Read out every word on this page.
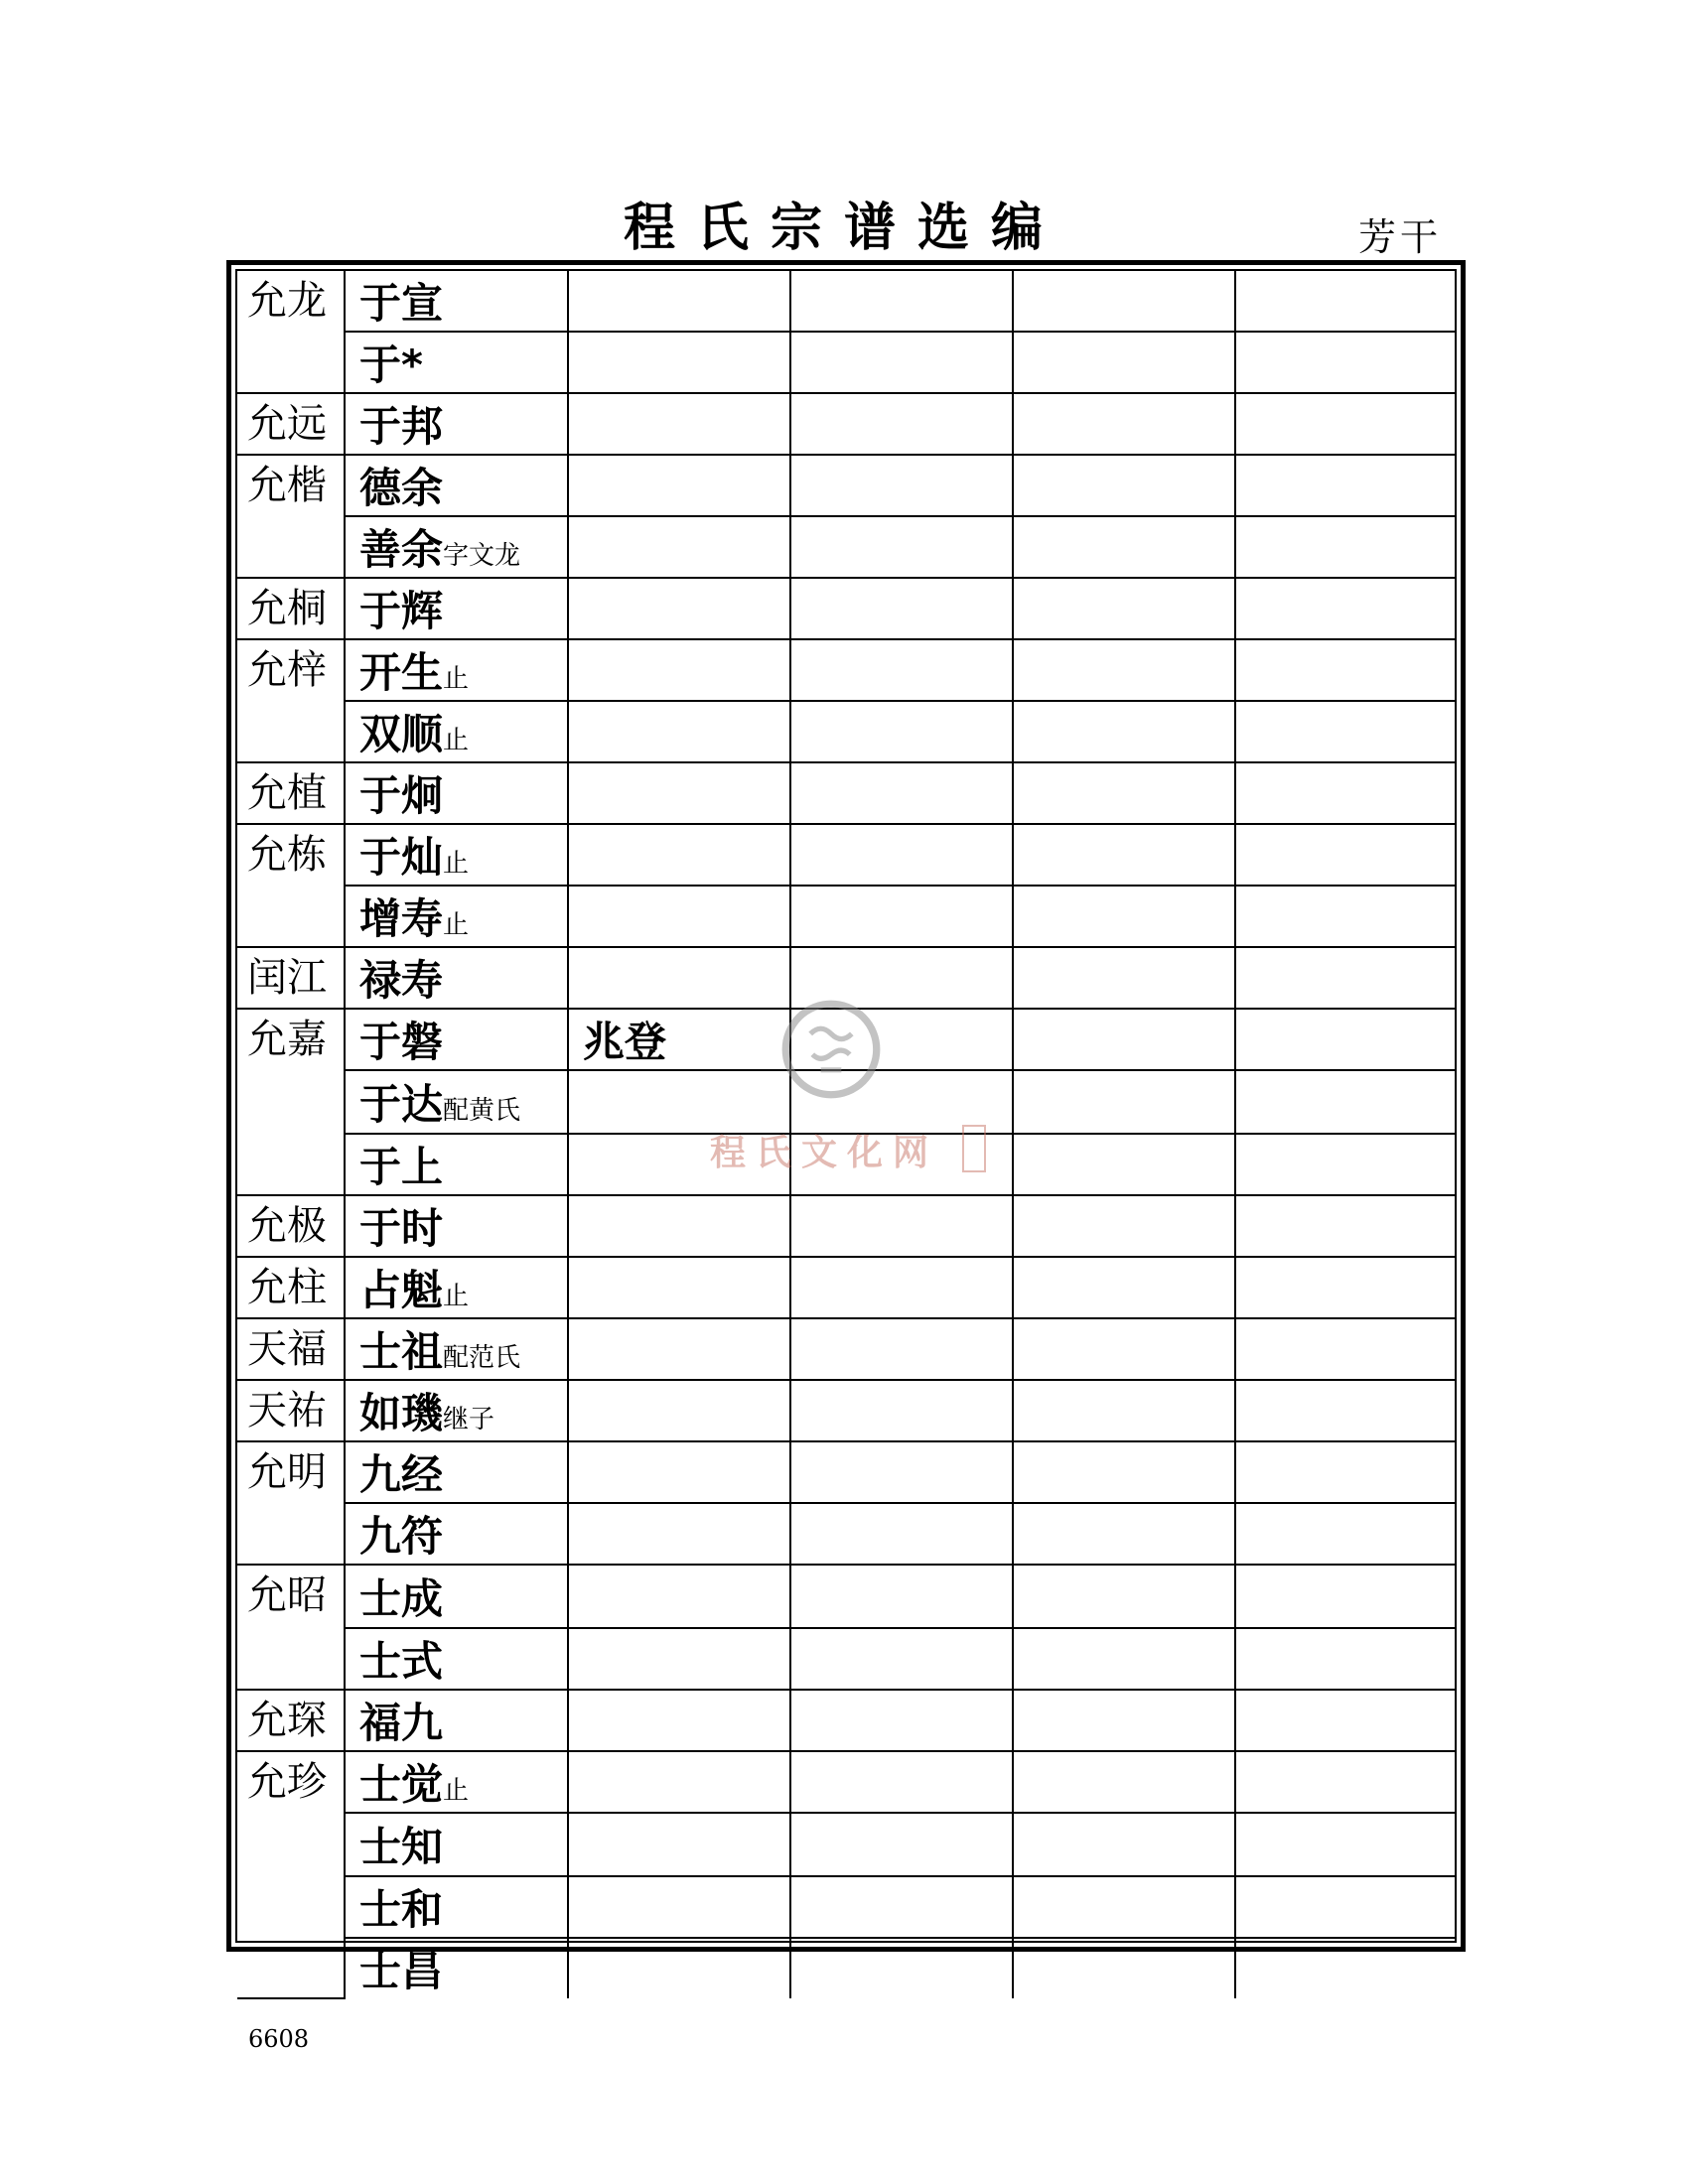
程氏宗谱选编	芳干
允龙	于宣				
	于*				
允远	于邦				
允楷	德余				
	善余字文龙				
允桐	于辉				
允梓	开生止				
	双顺止				
允植	于炯				
允栋	于灿止				
	增寿止				
闰江	禄寿				
允嘉	于磐	兆登			
	于达配黄氏				
	于上				
允极	于时				
允柱	占魁止				
天福	士祖配范氏				
天祐	如璣继子				
允明	九经				
	九符				
允昭	士成				
	士式				
允琛	福九				
允珍	士觉止				
	士知				
	士和				
	士昌				
程氏文化网
6608
